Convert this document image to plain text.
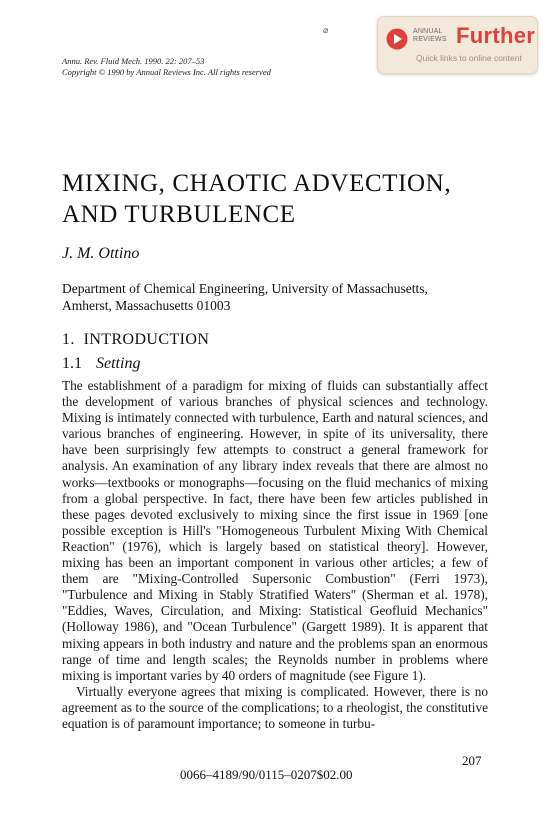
⌀
Annu. Rev. Fluid Mech. 1990. 22: 207–53
Copyright © 1990 by Annual Reviews Inc. All rights reserved
ANNUAL
REVIEWS Further
Quick links to online content
MIXING, CHAOTIC ADVECTION,
AND TURBULENCE
J. M. Ottino
Department of Chemical Engineering, University of Massachusetts,
Amherst, Massachusetts 01003
1.  INTRODUCTION
1.1 Setting

The establishment of a paradigm for mixing of fluids can substantially affect the development of various branches of physical sciences and technology. Mixing is intimately connected with turbulence, Earth and natural sciences, and various branches of engineering. However, in spite of its universality, there have been surprisingly few attempts to construct a general framework for analysis. An examination of any library index reveals that there are almost no works—textbooks or monographs—focusing on the fluid mechanics of mixing from a global perspective. In fact, there have been few articles published in these pages devoted exclusively to mixing since the first issue in 1969 [one possible exception is Hill's "Homogeneous Turbulent Mixing With Chemical Reaction" (1976), which is largely based on statistical theory]. However, mixing has been an important component in various other articles; a few of them are "Mixing-Controlled Supersonic Combustion" (Ferri 1973), "Turbulence and Mixing in Stably Stratified Waters" (Sherman et al. 1978), "Eddies, Waves, Circulation, and Mixing: Statistical Geofluid Mechanics" (Holloway 1986), and "Ocean Turbulence" (Gargett 1989). It is apparent that mixing appears in both industry and nature and the problems span an enormous range of time and length scales; the Reynolds number in problems where mixing is important varies by 40 orders of magnitude (see Figure 1).

Virtually everyone agrees that mixing is complicated. However, there is no agreement as to the source of the complications; to a rheologist, the constitutive equation is of paramount importance; to someone in turbu-

207
0066–4189/90/0115–0207$02.00
